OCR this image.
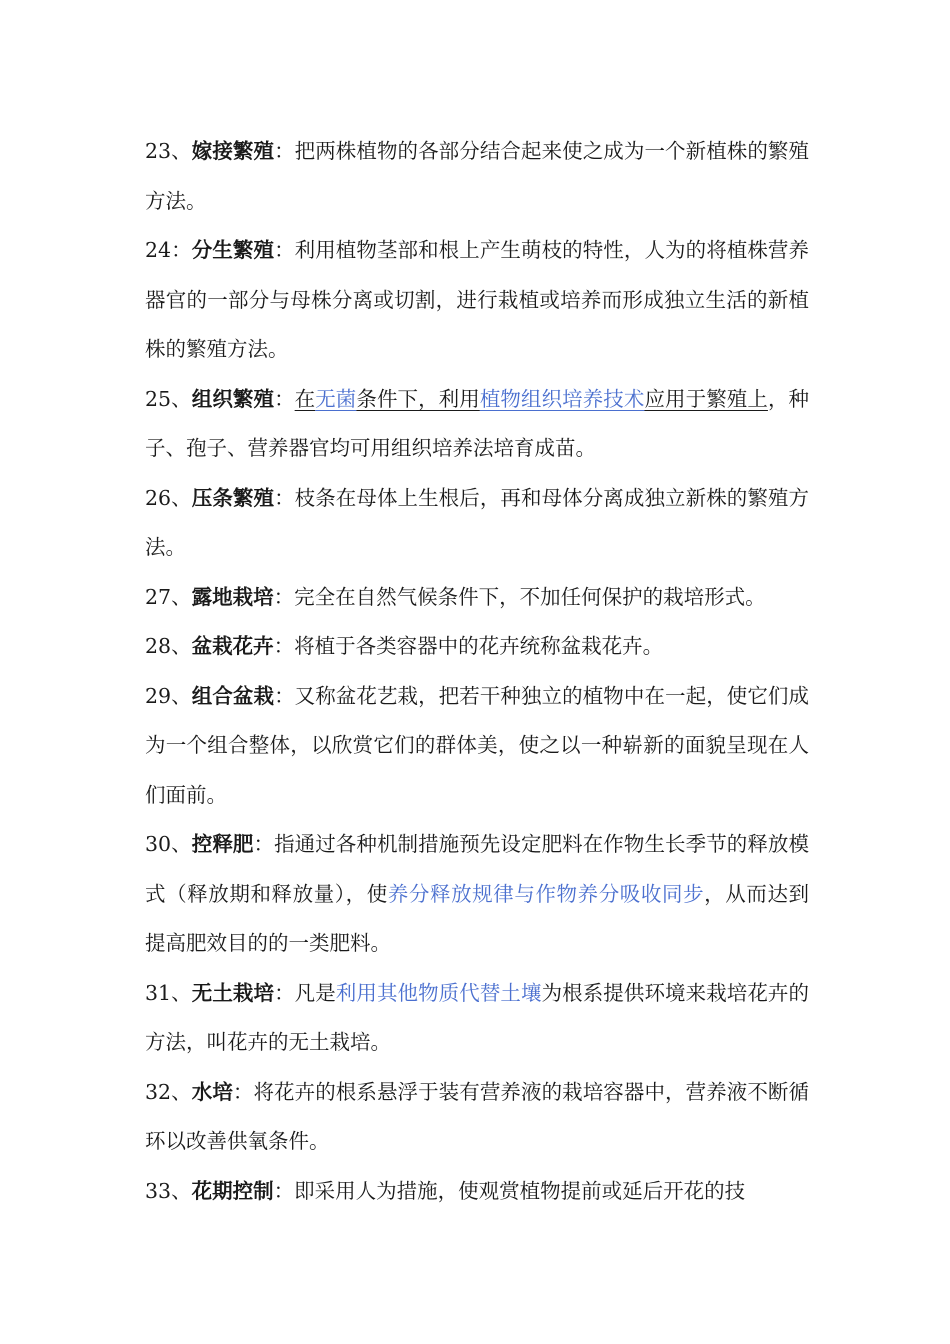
23、嫁接繁殖：把两株植物的各部分结合起来使之成为一个新植株的繁殖方法。
24：分生繁殖：利用植物茎部和根上产生萌枝的特性，人为的将植株营养器官的一部分与母株分离或切割，进行栽植或培养而形成独立生活的新植株的繁殖方法。
25、组织繁殖：在无菌条件下，利用植物组织培养技术应用于繁殖上，种子、孢子、营养器官均可用组织培养法培育成苗。
26、压条繁殖：枝条在母体上生根后，再和母体分离成独立新株的繁殖方法。
27、露地栽培：完全在自然气候条件下，不加任何保护的栽培形式。
28、盆栽花卉：将植于各类容器中的花卉统称盆栽花卉。
29、组合盆栽：又称盆花艺栽，把若干种独立的植物中在一起，使它们成为一个组合整体，以欣赏它们的群体美，使之以一种崭新的面貌呈现在人们面前。
30、控释肥：指通过各种机制措施预先设定肥料在作物生长季节的释放模式（释放期和释放量），使养分释放规律与作物养分吸收同步，从而达到提高肥效目的的一类肥料。
31、无土栽培：凡是利用其他物质代替土壤为根系提供环境来栽培花卉的方法，叫花卉的无土栽培。
32、水培：将花卉的根系悬浮于装有营养液的栽培容器中，营养液不断循环以改善供氧条件。
33、花期控制：即采用人为措施，使观赏植物提前或延后开花的技
